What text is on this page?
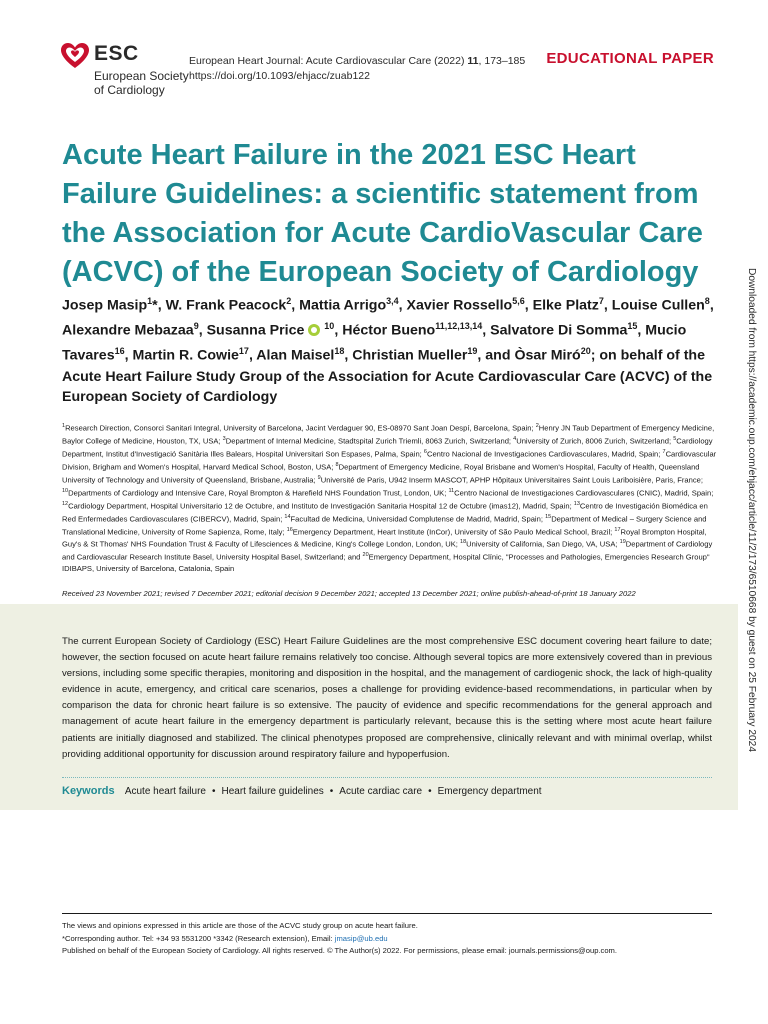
ESC
European Society
of Cardiology
European Heart Journal: Acute Cardiovascular Care (2022) 11, 173–185
https://doi.org/10.1093/ehjacc/zuab122
EDUCATIONAL PAPER
Acute Heart Failure in the 2021 ESC Heart Failure Guidelines: a scientific statement from the Association for Acute CardioVascular Care (ACVC) of the European Society of Cardiology
Josep Masip$^1$*, W. Frank Peacock$^2$, Mattia Arrigo$^{3,4}$, Xavier Rossello$^{5,6}$, Elke Platz$^7$, Louise Cullen$^8$, Alexandre Mebazaa$^9$, Susanna Price $^{10}$, Héctor Bueno$^{11,12,13,14}$, Salvatore Di Somma$^{15}$, Mucio Tavares$^{16}$, Martin R. Cowie$^{17}$, Alan Maisel$^{18}$, Christian Mueller$^{19}$, and Òsar Miró$^{20}$; on behalf of the Acute Heart Failure Study Group of the Association for Acute Cardiovascular Care (ACVC) of the European Society of Cardiology
$^1$Research Direction, Consorci Sanitari Integral, University of Barcelona, Jacint Verdaguer 90, ES-08970 Sant Joan Despí, Barcelona, Spain; $^2$Henry JN Taub Department of Emergency Medicine, Baylor College of Medicine, Houston, TX, USA; $^3$Department of Internal Medicine, Stadtspital Zurich Triemli, 8063 Zurich, Switzerland; $^4$University of Zurich, 8006 Zurich, Switzerland; $^5$Cardiology Department, Institut d'Investigació Sanitària Illes Balears, Hospital Universitari Son Espases, Palma, Spain; $^6$Centro Nacional de Investigaciones Cardiovasculares, Madrid, Spain; $^7$Cardiovascular Division, Brigham and Women's Hospital, Harvard Medical School, Boston, USA; $^8$Department of Emergency Medicine, Royal Brisbane and Women's Hospital, Faculty of Health, Queensland University of Technology and University of Queensland, Brisbane, Australia; $^9$Université de Paris, U942 Inserm MASCOT, APHP Hôpitaux Universitaires Saint Louis Lariboisière, Paris, France; $^{10}$Departments of Cardiology and Intensive Care, Royal Brompton & Harefield NHS Foundation Trust, London, UK; $^{11}$Centro Nacional de Investigaciones Cardiovasculares (CNIC), Madrid, Spain; $^{12}$Cardiology Department, Hospital Universitario 12 de Octubre, and Instituto de Investigación Sanitaria Hospital 12 de Octubre (imas12), Madrid, Spain; $^{13}$Centro de Investigación Biomédica en Red Enfermedades Cardiovasculares (CIBERCV), Madrid, Spain; $^{14}$Facultad de Medicina, Universidad Complutense de Madrid, Madrid, Spain; $^{15}$Department of Medical – Surgery Science and Translational Medicine, University of Rome Sapienza, Rome, Italy; $^{16}$Emergency Department, Heart Institute (InCor), University of São Paulo Medical School, Brazil; $^{17}$Royal Brompton Hospital, Guy's & St Thomas' NHS Foundation Trust & Faculty of Lifesciences & Medicine, King's College London, London, UK; $^{18}$University of California, San Diego, VA, USA; $^{19}$Department of Cardiology and Cardiovascular Research Institute Basel, University Hospital Basel, Switzerland; and $^{20}$Emergency Department, Hospital Clínic, "Processes and Pathologies, Emergencies Research Group" IDIBAPS, University of Barcelona, Catalonia, Spain
Received 23 November 2021; revised 7 December 2021; editorial decision 9 December 2021; accepted 13 December 2021; online publish-ahead-of-print 18 January 2022

The current European Society of Cardiology (ESC) Heart Failure Guidelines are the most comprehensive ESC document covering heart failure to date; however, the section focused on acute heart failure remains relatively too concise. Although several topics are more extensively covered than in previous versions, including some specific therapies, monitoring and disposition in the hospital, and the management of cardiogenic shock, the lack of high-quality evidence in acute, emergency, and critical care scenarios, poses a challenge for providing evidence-based recommendations, in particular when by comparison the data for chronic heart failure is so extensive. The paucity of evidence and specific recommendations for the general approach and management of acute heart failure in the emergency department is particularly relevant, because this is the setting where most acute heart failure patients are initially diagnosed and stabilized. The clinical phenotypes proposed are comprehensive, clinically relevant and with minimal overlap, whilst providing additional opportunity for discussion around respiratory failure and hypoperfusion.

Keywords Acute heart failure • Heart failure guidelines • Acute cardiac care • Emergency department
Downloaded from https://academic.oup.com/ehjacc/article/11/2/173/6510668 by guest on 25 February 2024
The views and opinions expressed in this article are those of the ACVC study group on acute heart failure.
*Corresponding author. Tel: +34 93 5531200 *3342 (Research extension), Email: jmasip@ub.edu
Published on behalf of the European Society of Cardiology. All rights reserved. © The Author(s) 2022. For permissions, please email: journals.permissions@oup.com.
